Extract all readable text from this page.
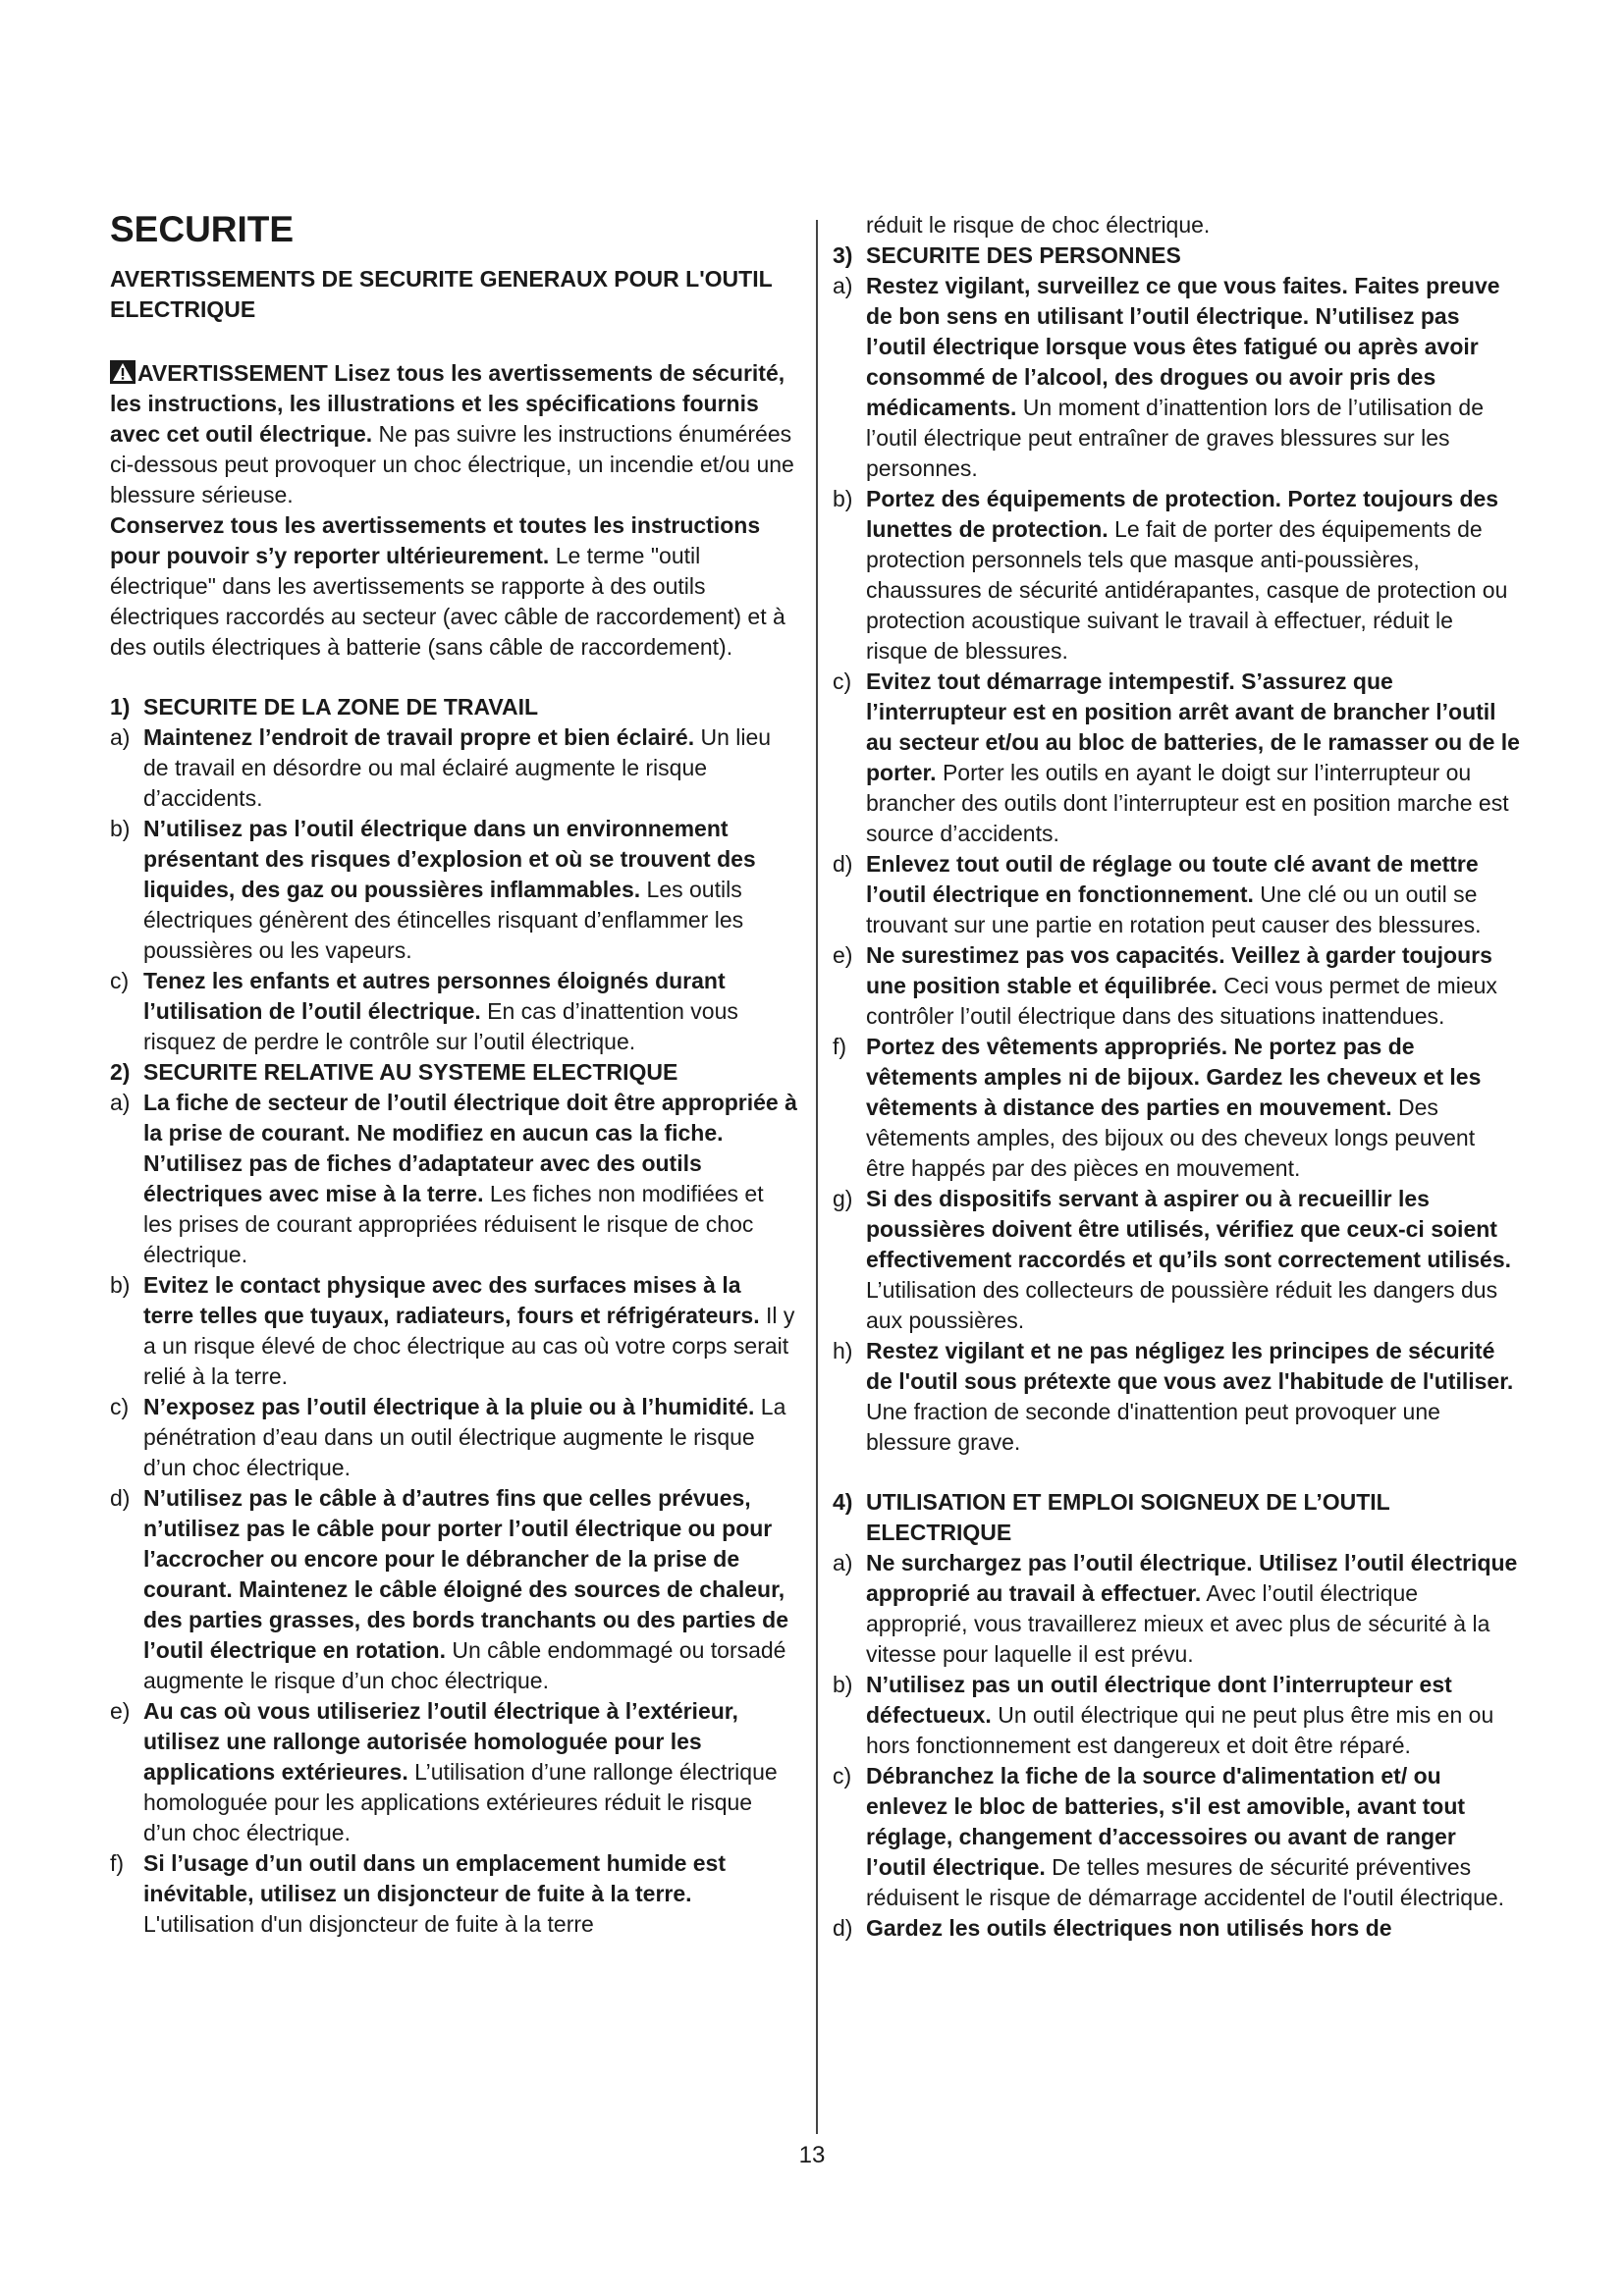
SECURITE
AVERTISSEMENTS DE SECURITE GENERAUX POUR L'OUTIL ELECTRIQUE

AVERTISSEMENT Lisez tous les avertissements de sécurité, les instructions, les illustrations et les spécifications fournis avec cet outil électrique. Ne pas suivre les instructions énumérées ci-dessous peut provoquer un choc électrique, un incendie et/ou une blessure sérieuse.

Conservez tous les avertissements et toutes les instructions pour pouvoir s’y reporter ultérieurement. Le terme "outil électrique" dans les avertissements se rapporte à des outils électriques raccordés au secteur (avec câble de raccordement) et à des outils électriques à batterie (sans câble de raccordement).

1) SECURITE DE LA ZONE DE TRAVAIL
a) Maintenez l’endroit de travail propre et bien éclairé. Un lieu de travail en désordre ou mal éclairé augmente le risque d’accidents.
b) N’utilisez pas l’outil électrique dans un environnement présentant des risques d’explosion et où se trouvent des liquides, des gaz ou poussières inflammables. Les outils électriques génèrent des étincelles risquant d’enflammer les poussières ou les vapeurs.
c) Tenez les enfants et autres personnes éloignés durant l’utilisation de l’outil électrique. En cas d’inattention vous risquez de perdre le contrôle sur l’outil électrique.
2) SECURITE RELATIVE AU SYSTEME ELECTRIQUE
a) La fiche de secteur de l’outil électrique doit être appropriée à la prise de courant. Ne modifiez en aucun cas la fiche. N’utilisez pas de fiches d’adaptateur avec des outils électriques avec mise à la terre. Les fiches non modifiées et les prises de courant appropriées réduisent le risque de choc électrique.
b) Evitez le contact physique avec des surfaces mises à la terre telles que tuyaux, radiateurs, fours et réfrigérateurs. Il y a un risque élevé de choc électrique au cas où votre corps serait relié à la terre.
c) N’exposez pas l’outil électrique à la pluie ou à l’humidité. La pénétration d’eau dans un outil électrique augmente le risque d’un choc électrique.
d) N’utilisez pas le câble à d’autres fins que celles prévues, n’utilisez pas le câble pour porter l’outil électrique ou pour l’accrocher ou encore pour le débrancher de la prise de courant. Maintenez le câble éloigné des sources de chaleur, des parties grasses, des bords tranchants ou des parties de l’outil électrique en rotation. Un câble endommagé ou torsadé augmente le risque d’un choc électrique.
e) Au cas où vous utiliseriez l’outil électrique à l’extérieur, utilisez une rallonge autorisée homologuée pour les applications extérieures. L’utilisation d’une rallonge électrique homologuée pour les applications extérieures réduit le risque d’un choc électrique.
f) Si l’usage d’un outil dans un emplacement humide est inévitable, utilisez un disjoncteur de fuite à la terre. L'utilisation d'un disjoncteur de fuite à la terre

réduit le risque de choc électrique.

3) SECURITE DES PERSONNES
a) Restez vigilant, surveillez ce que vous faites. Faites preuve de bon sens en utilisant l’outil électrique. N’utilisez pas l’outil électrique lorsque vous êtes fatigué ou après avoir consommé de l’alcool, des drogues ou avoir pris des médicaments. Un moment d’inattention lors de l’utilisation de l’outil électrique peut entraîner de graves blessures sur les personnes.
b) Portez des équipements de protection. Portez toujours des lunettes de protection. Le fait de porter des équipements de protection personnels tels que masque anti-poussières, chaussures de sécurité antidérapantes, casque de protection ou protection acoustique suivant le travail à effectuer, réduit le risque de blessures.
c) Evitez tout démarrage intempestif. S’assurez que l’interrupteur est en position arrêt avant de brancher l’outil au secteur et/ou au bloc de batteries, de le ramasser ou de le porter. Porter les outils en ayant le doigt sur l’interrupteur ou brancher des outils dont l’interrupteur est en position marche est source d’accidents.
d) Enlevez tout outil de réglage ou toute clé avant de mettre l’outil électrique en fonctionnement. Une clé ou un outil se trouvant sur une partie en rotation peut causer des blessures.
e) Ne surestimez pas vos capacités. Veillez à garder toujours une position stable et équilibrée. Ceci vous permet de mieux contrôler l’outil électrique dans des situations inattendues.
f) Portez des vêtements appropriés. Ne portez pas de vêtements amples ni de bijoux. Gardez les cheveux et les vêtements à distance des parties en mouvement. Des vêtements amples, des bijoux ou des cheveux longs peuvent être happés par des pièces en mouvement.
g) Si des dispositifs servant à aspirer ou à recueillir les poussières doivent être utilisés, vérifiez que ceux-ci soient effectivement raccordés et qu’ils sont correctement utilisés. L’utilisation des collecteurs de poussière réduit les dangers dus aux poussières.
h) Restez vigilant et ne pas négligez les principes de sécurité de l'outil sous prétexte que vous avez l'habitude de l'utiliser. Une fraction de seconde d'inattention peut provoquer une blessure grave.
4) UTILISATION ET EMPLOI SOIGNEUX DE L’OUTIL ELECTRIQUE
a) Ne surchargez pas l’outil électrique. Utilisez l’outil électrique approprié au travail à effectuer. Avec l’outil électrique approprié, vous travaillerez mieux et avec plus de sécurité à la vitesse pour laquelle il est prévu.
b) N’utilisez pas un outil électrique dont l’interrupteur est défectueux. Un outil électrique qui ne peut plus être mis en ou hors fonctionnement est dangereux et doit être réparé.
c) Débranchez la fiche de la source d'alimentation et/ ou enlevez le bloc de batteries, s'il est amovible, avant tout réglage, changement d’accessoires ou avant de ranger l’outil électrique. De telles mesures de sécurité préventives réduisent le risque de démarrage accidentel de l'outil électrique.
d) Gardez les outils électriques non utilisés hors de
13
